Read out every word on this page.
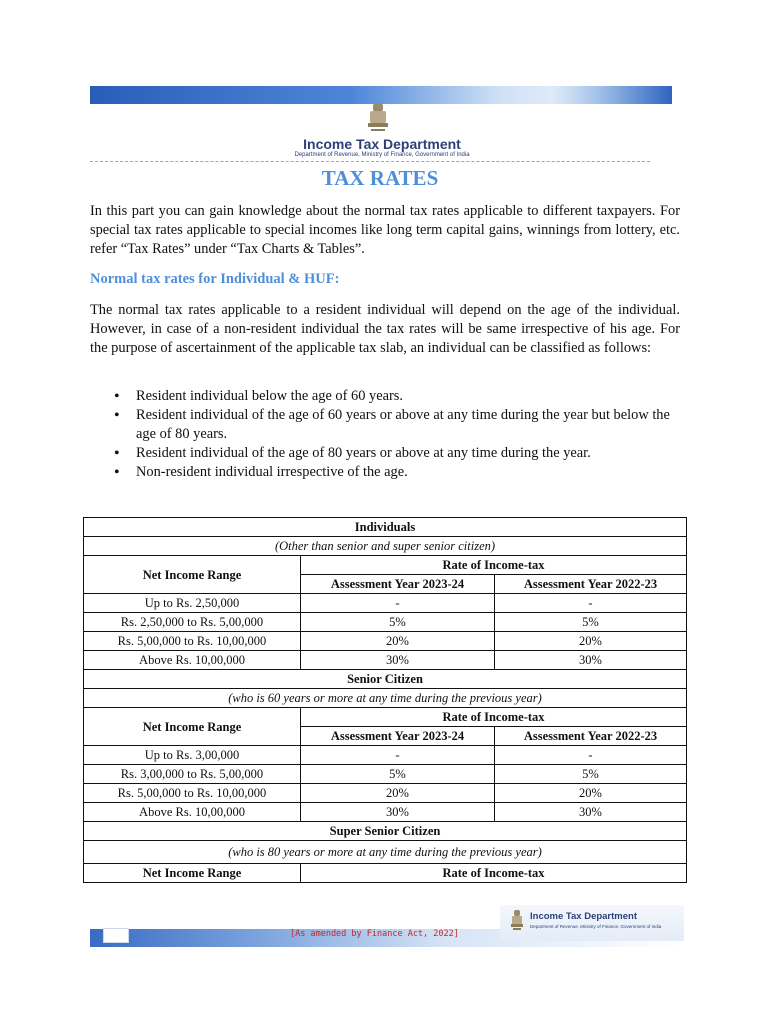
Income Tax Department
Department of Revenue, Ministry of Finance, Government of India
TAX RATES

In this part you can gain knowledge about the normal tax rates applicable to different taxpayers. For special tax rates applicable to special incomes like long term capital gains, winnings from lottery, etc. refer “Tax Rates” under “Tax Charts & Tables”.

Normal tax rates for Individual & HUF:

The normal tax rates applicable to a resident individual will depend on the age of the individual. However, in case of a non-resident individual the tax rates will be same irrespective of his age. For the purpose of ascertainment of the applicable tax slab, an individual can be classified as follows:

• Resident individual below the age of 60 years.
• Resident individual of the age of 60 years or above at any time during the year but below the age of 80 years.
• Resident individual of the age of 80 years or above at any time during the year.
• Non-resident individual irrespective of the age.
Individuals		
(Other than senior and super senior citizen)		
Net Income Range	Rate of Income-tax	
	Assessment Year 2023-24	Assessment Year 2022-23
Up to Rs. 2,50,000	-	-
Rs. 2,50,000 to Rs. 5,00,000	5%	5%
Rs. 5,00,000 to Rs. 10,00,000	20%	20%
Above Rs. 10,00,000	30%	30%
Senior Citizen		
(who is 60 years or more at any time during the previous year)		
Net Income Range	Rate of Income-tax	
	Assessment Year 2023-24	Assessment Year 2022-23
Up to Rs. 3,00,000	-	-
Rs. 3,00,000 to Rs. 5,00,000	5%	5%
Rs. 5,00,000 to Rs. 10,00,000	20%	20%
Above Rs. 10,00,000	30%	30%
Super Senior Citizen		
(who is 80 years or more at any time during the previous year)		
Net Income Range	Rate of Income-tax	
[As amended by Finance Act, 2022]
Income Tax Department
Department of Revenue, Ministry of Finance, Government of India
